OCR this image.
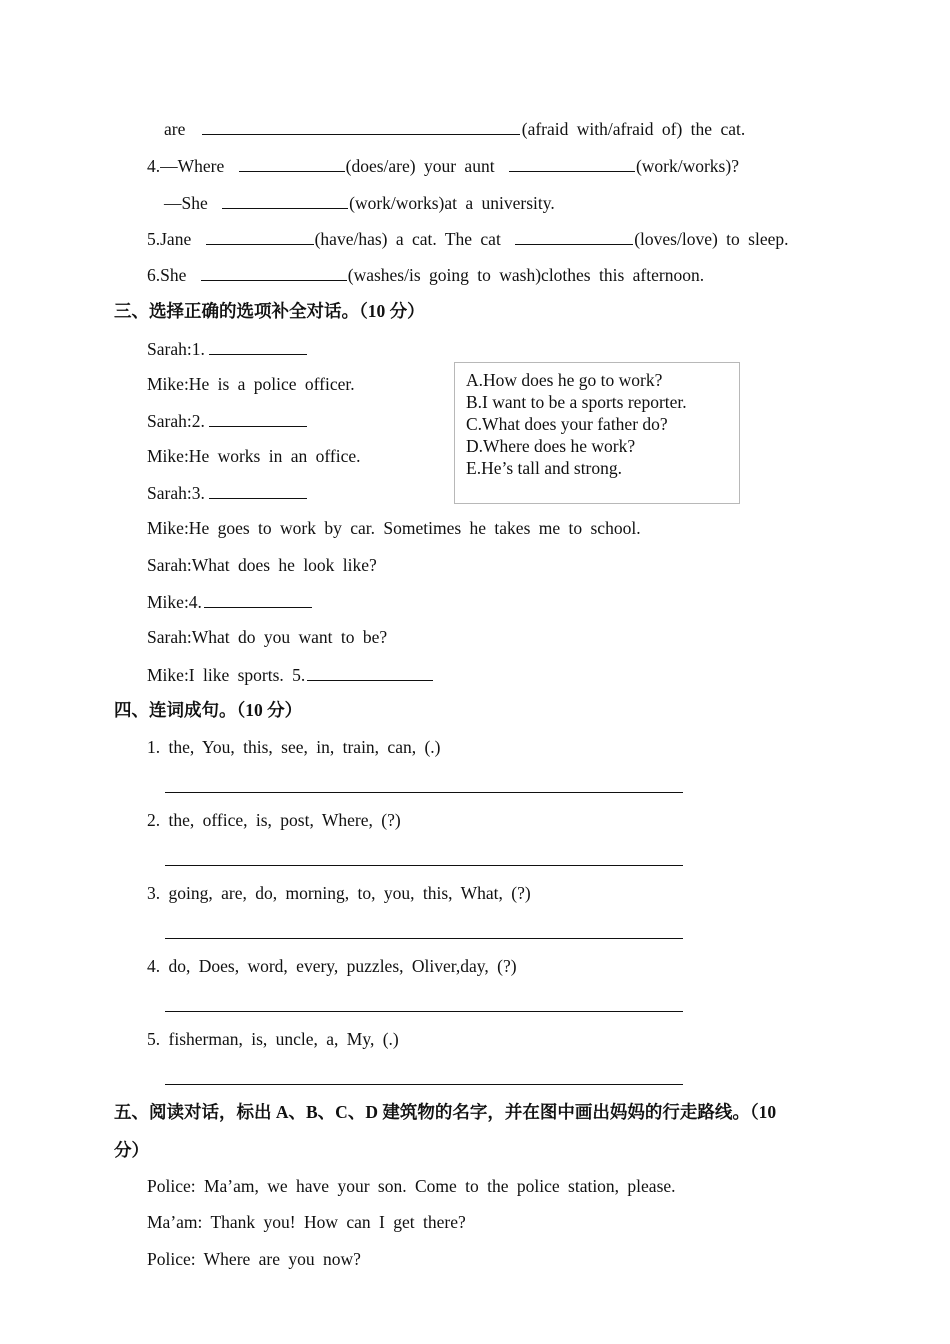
are	(afraid with/afraid of) the cat.
4.—Where	(does/are) your aunt	(work/works)?
—She	(work/works)at a university.
5.Jane	(have/has) a cat. The cat	(loves/love) to sleep.
6.She	(washes/is going to wash)clothes this afternoon.
三、选择正确的选项补全对话。（10 分）
Sarah:1.
Mike:He is a police officer.
Sarah:2.
Mike:He works in an office.
Sarah:3.
Mike:He goes to work by car. Sometimes he takes me to school.
Sarah:What does he look like?
Mike:4.
Sarah:What do you want to be?
Mike:I like sports. 5.
A.How does he go to work?
B.I want to be a sports reporter.
C.What does your father do?
D.Where does he work?
E.He’s tall and strong.
四、连词成句。（10 分）
1. the, You, this, see, in, train, can, (.)
2. the, office, is, post, Where, (?)
3. going, are, do, morning, to, you, this, What, (?)
4. do, Does, word, every, puzzles, Oliver,day, (?)
5. fisherman, is, uncle, a, My, (.)
五、阅读对话，标出 A、B、C、D 建筑物的名字，并在图中画出妈妈的行走路线。（10
分）
Police: Ma’am, we have your son. Come to the police station, please.
Ma’am: Thank you! How can I get there?
Police: Where are you now?
